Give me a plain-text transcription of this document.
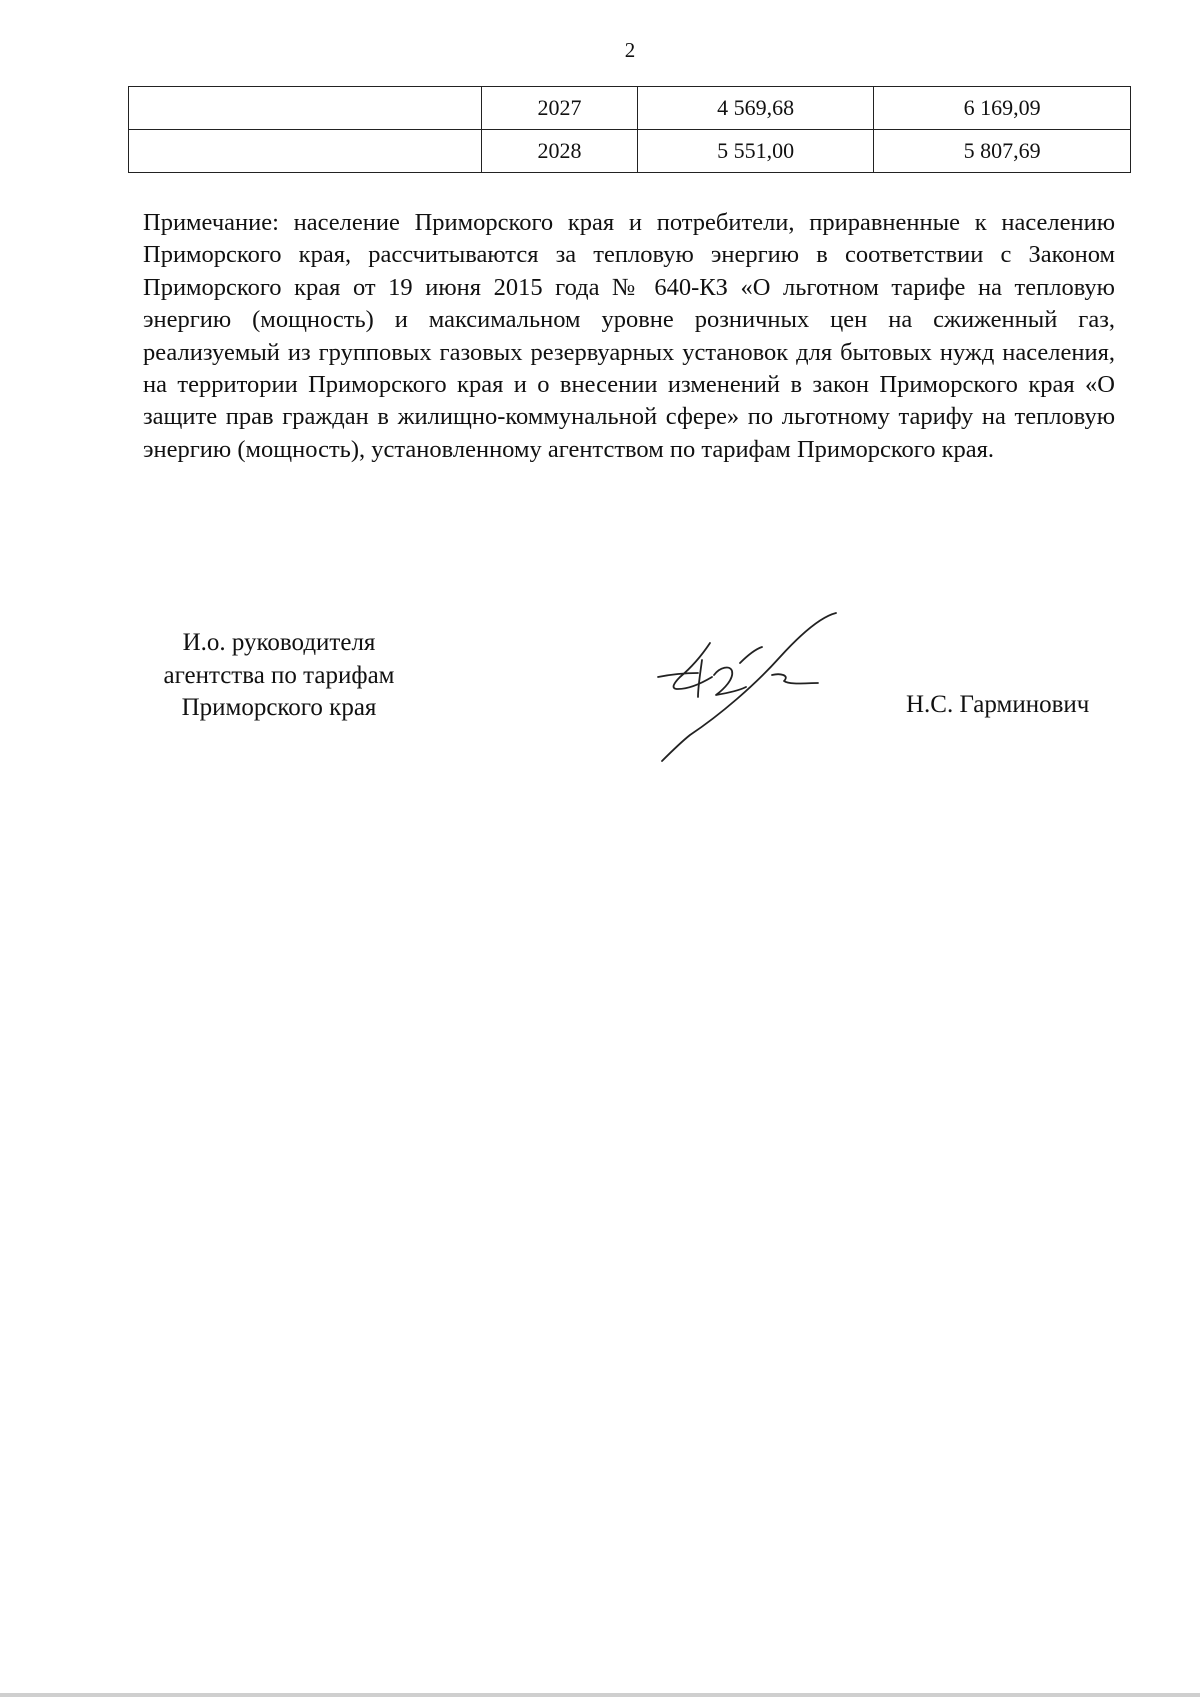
2
	2027	4 569,68	6 169,09
	2028	5 551,00	5 807,69

Примечание: население Приморского края и потребители, приравненные к населению Приморского края, рассчитываются за тепловую энергию в соответствии с Законом Приморского края от 19 июня 2015 года № 640-КЗ «О льготном тарифе на тепловую энергию (мощность) и максимальном уровне розничных цен на сжиженный газ, реализуемый из групповых газовых резервуарных установок для бытовых нужд населения, на территории Приморского края и о внесении изменений в закон Приморского края «О защите прав граждан в жилищно-коммунальной сфере» по льготному тарифу на тепловую энергию (мощность), установленному агентством по тарифам Приморского края.

И.о. руководителя
агентства по тарифам
Приморского края	Н.С. Гарминович
